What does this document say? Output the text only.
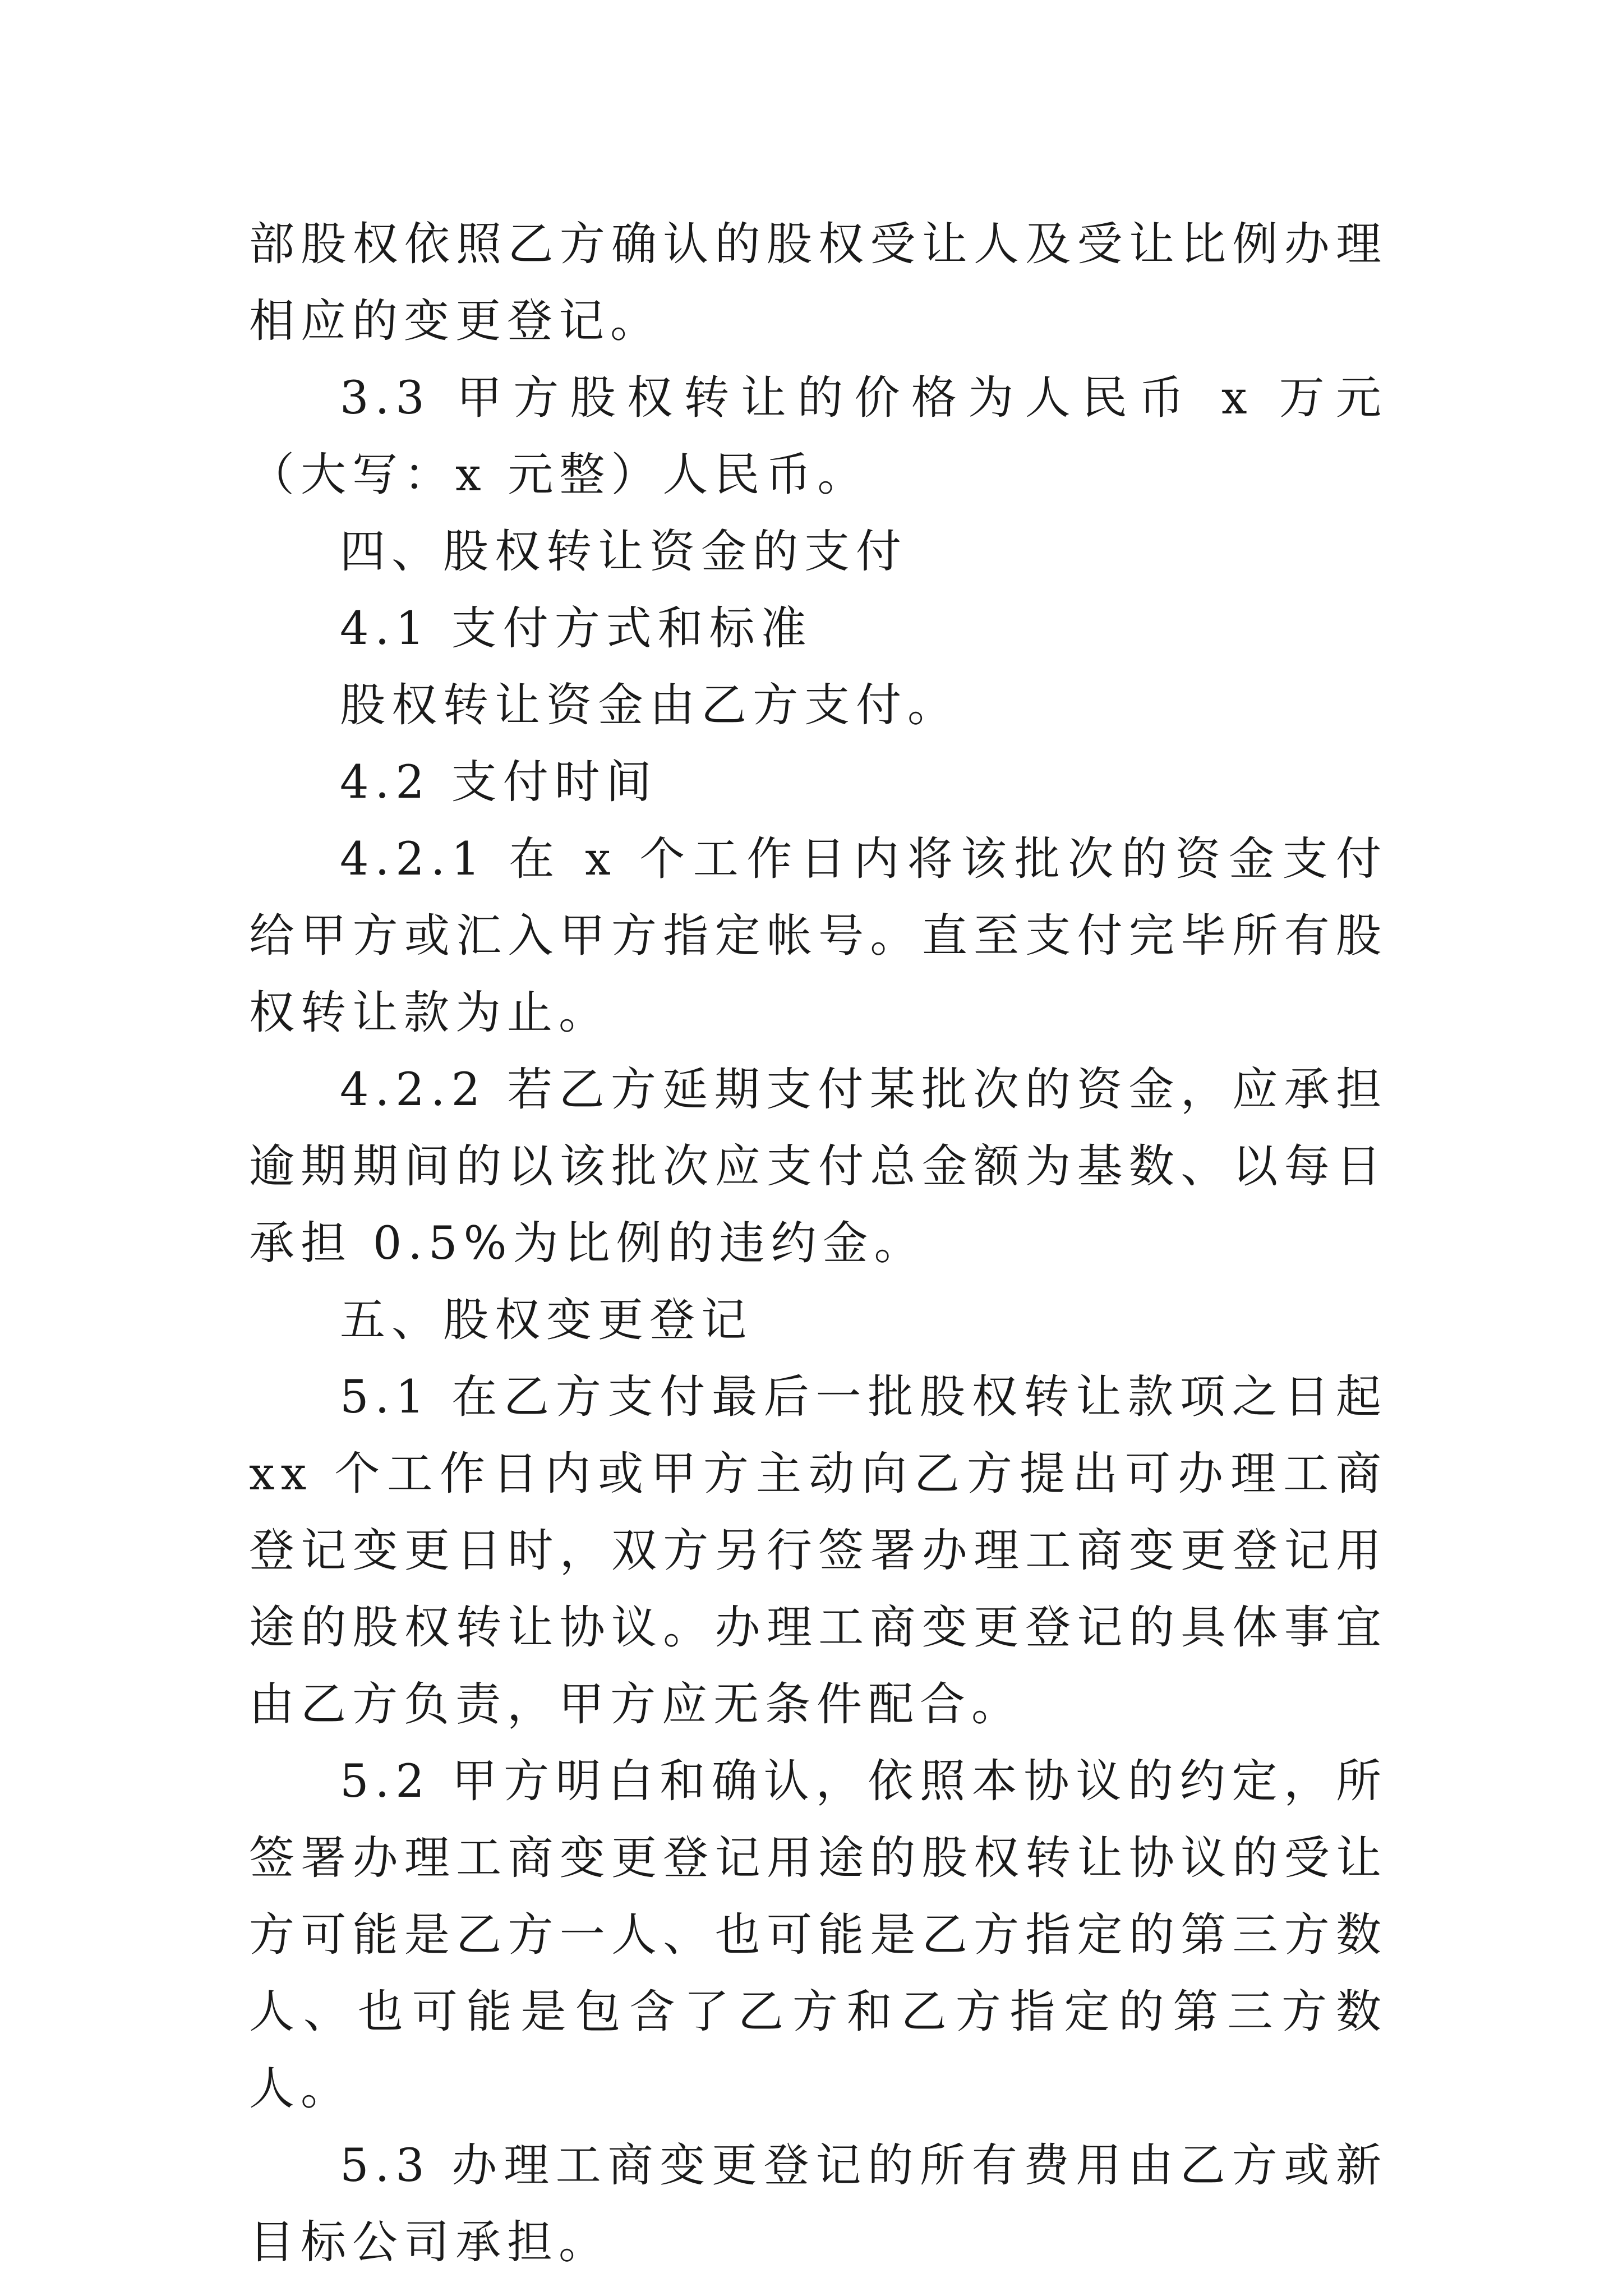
部股权依照乙方确认的股权受让人及受让比例办理相应的变更登记。

3.3 甲方股权转让的价格为人民币 x 万元（大写：x 元整）人民币。

四、股权转让资金的支付

4.1 支付方式和标准

股权转让资金由乙方支付。

4.2 支付时间

4.2.1 在 x 个工作日内将该批次的资金支付给甲方或汇入甲方指定帐号。直至支付完毕所有股权转让款为止。

4.2.2 若乙方延期支付某批次的资金，应承担逾期期间的以该批次应支付总金额为基数、以每日承担 0.5%为比例的违约金。

五、股权变更登记

5.1 在乙方支付最后一批股权转让款项之日起xx 个工作日内或甲方主动向乙方提出可办理工商登记变更日时，双方另行签署办理工商变更登记用途的股权转让协议。办理工商变更登记的具体事宜由乙方负责，甲方应无条件配合。

5.2 甲方明白和确认，依照本协议的约定，所签署办理工商变更登记用途的股权转让协议的受让方可能是乙方一人、也可能是乙方指定的第三方数人、也可能是包含了乙方和乙方指定的第三方数人。

5.3 办理工商变更登记的所有费用由乙方或新目标公司承担。
